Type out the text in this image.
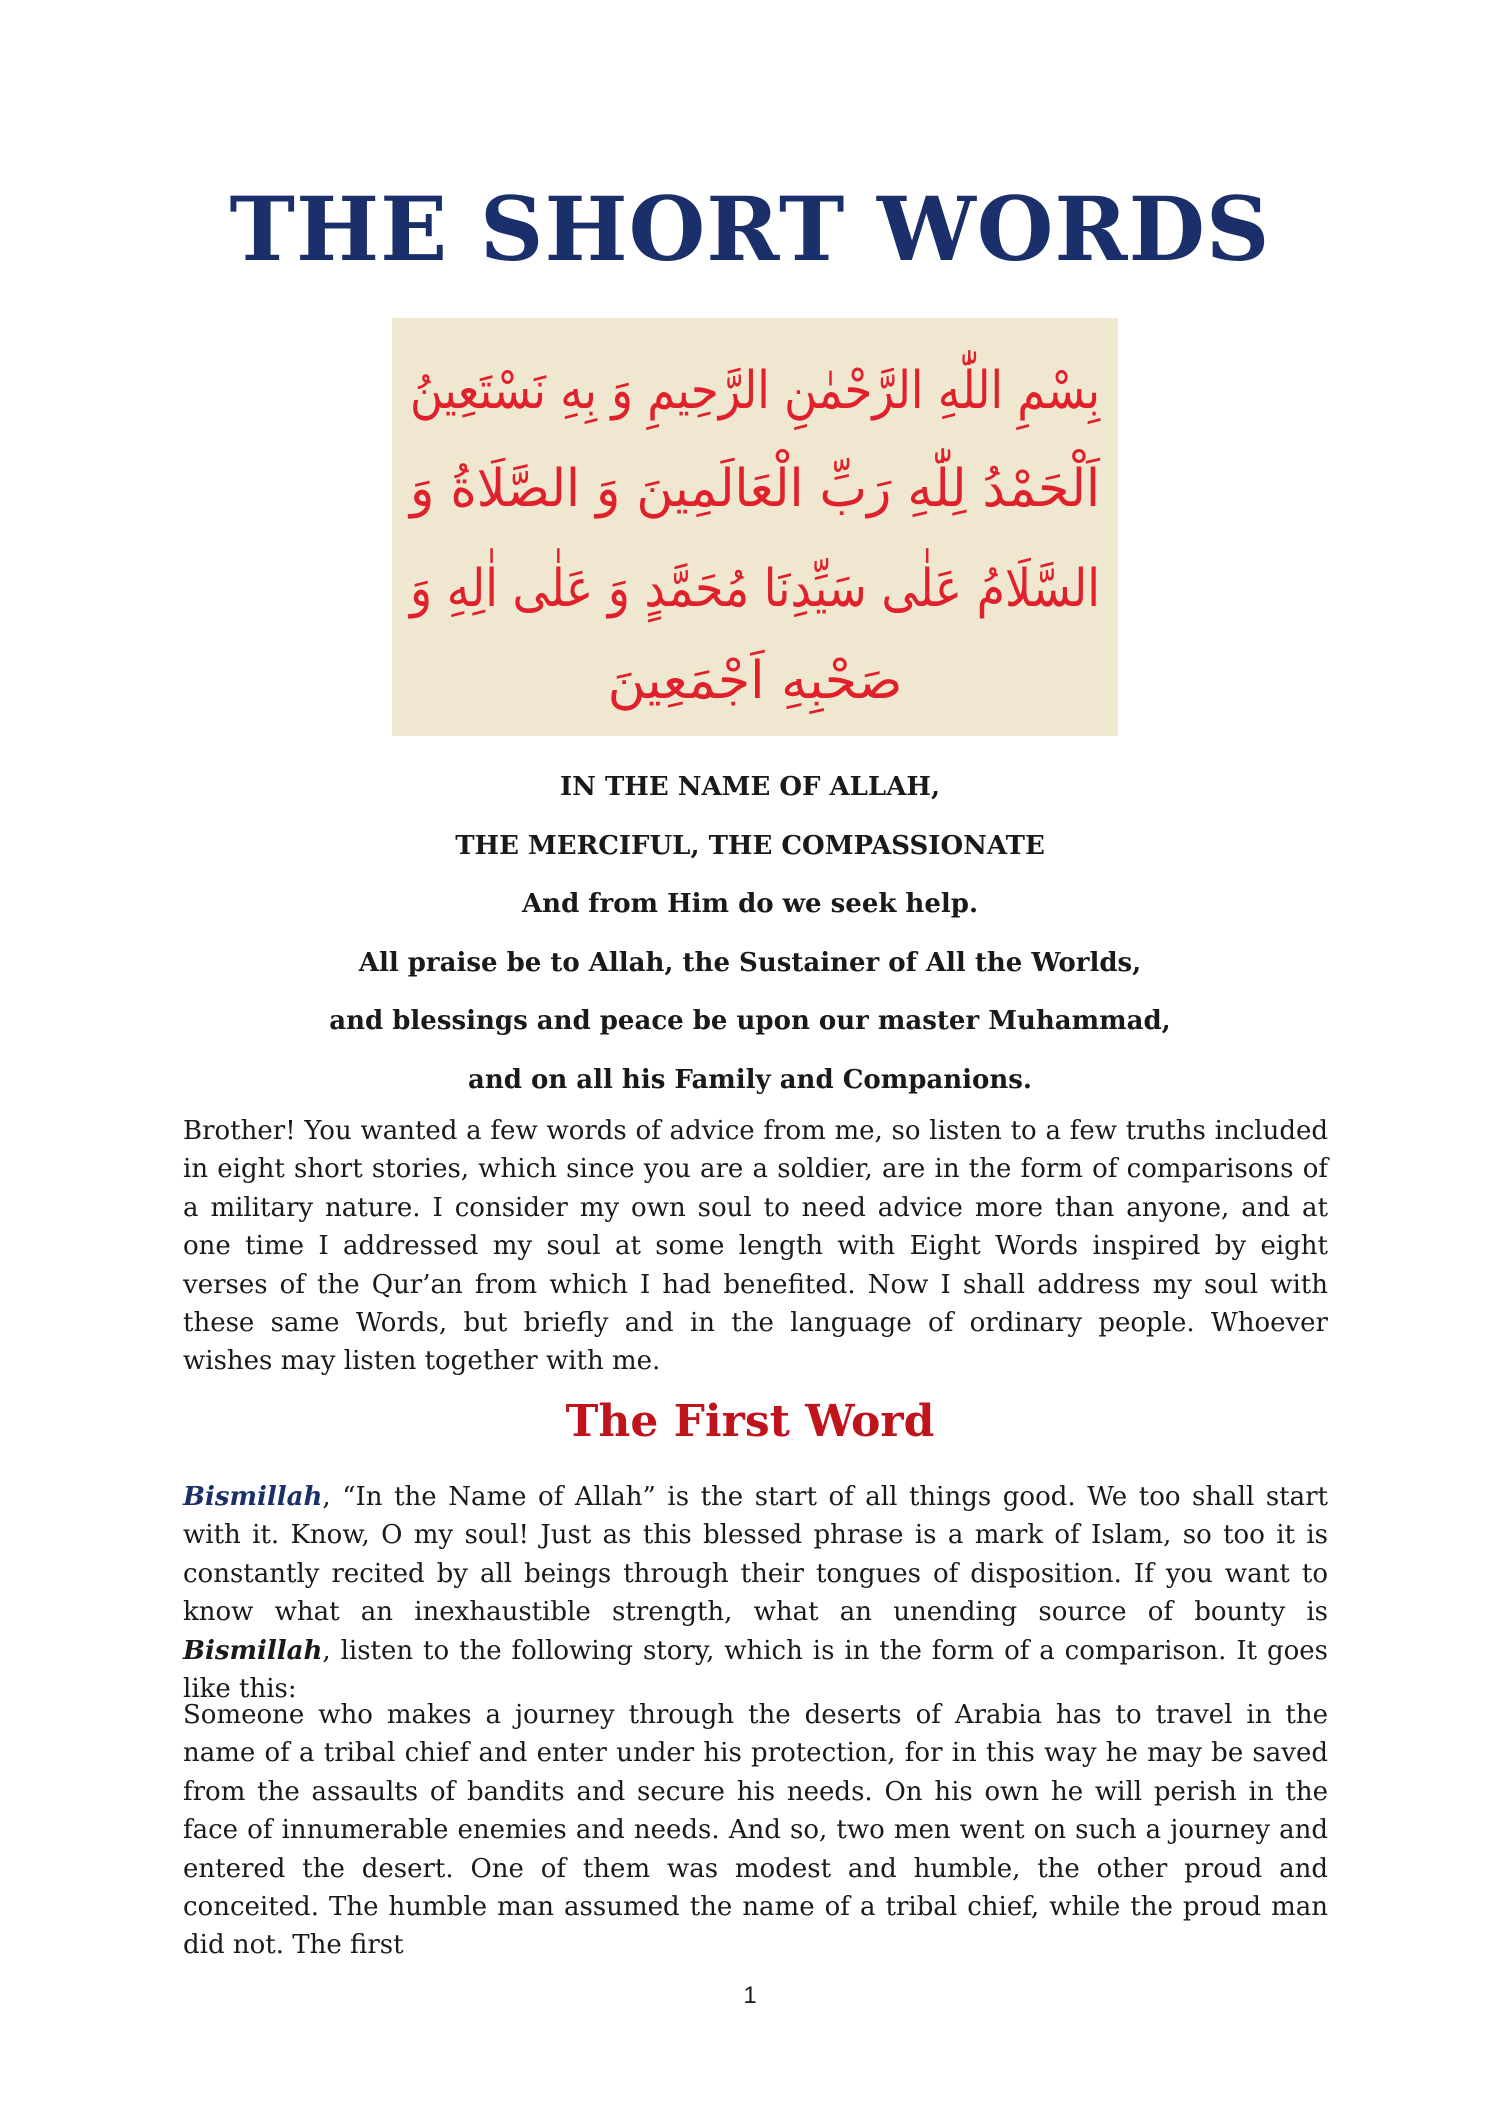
THE SHORT WORDS
بِسْمِ اللّٰهِ الرَّحْمٰنِ الرَّحِيمِ وَ بِهِ نَسْتَعِينُ
اَلْحَمْدُ لِلّٰهِ رَبِّ الْعَالَمِينَ وَ الصَّلَاةُ وَ
السَّلَامُ عَلٰى سَيِّدِنَا مُحَمَّدٍ وَ عَلٰى اٰلِهِ وَ
صَحْبِهِ اَجْمَعِينَ
IN THE NAME OF ALLAH,
THE MERCIFUL, THE COMPASSIONATE
And from Him do we seek help.
All praise be to Allah, the Sustainer of All the Worlds,
and blessings and peace be upon our master Muhammad,
and on all his Family and Companions.

Brother! You wanted a few words of advice from me, so listen to a few truths included in eight short stories, which since you are a soldier, are in the form of comparisons of a military nature. I consider my own soul to need advice more than anyone, and at one time I addressed my soul at some length with Eight Words inspired by eight verses of the Qur’an from which I had benefited. Now I shall address my soul with these same Words, but briefly and in the language of ordinary people. Whoever wishes may listen together with me.

The First Word

Bismillah, “In the Name of Allah” is the start of all things good. We too shall start with it. Know, O my soul! Just as this blessed phrase is a mark of Islam, so too it is constantly recited by all beings through their tongues of disposition. If you want to know what an inexhaustible strength, what an unending source of bounty is Bismillah, listen to the following story, which is in the form of a comparison. It goes like this:

Someone who makes a journey through the deserts of Arabia has to travel in the name of a tribal chief and enter under his protection, for in this way he may be saved from the assaults of bandits and secure his needs. On his own he will perish in the face of innumerable enemies and needs. And so, two men went on such a journey and entered the desert. One of them was modest and humble, the other proud and conceited. The humble man assumed the name of a tribal chief, while the proud man did not. The first

1
